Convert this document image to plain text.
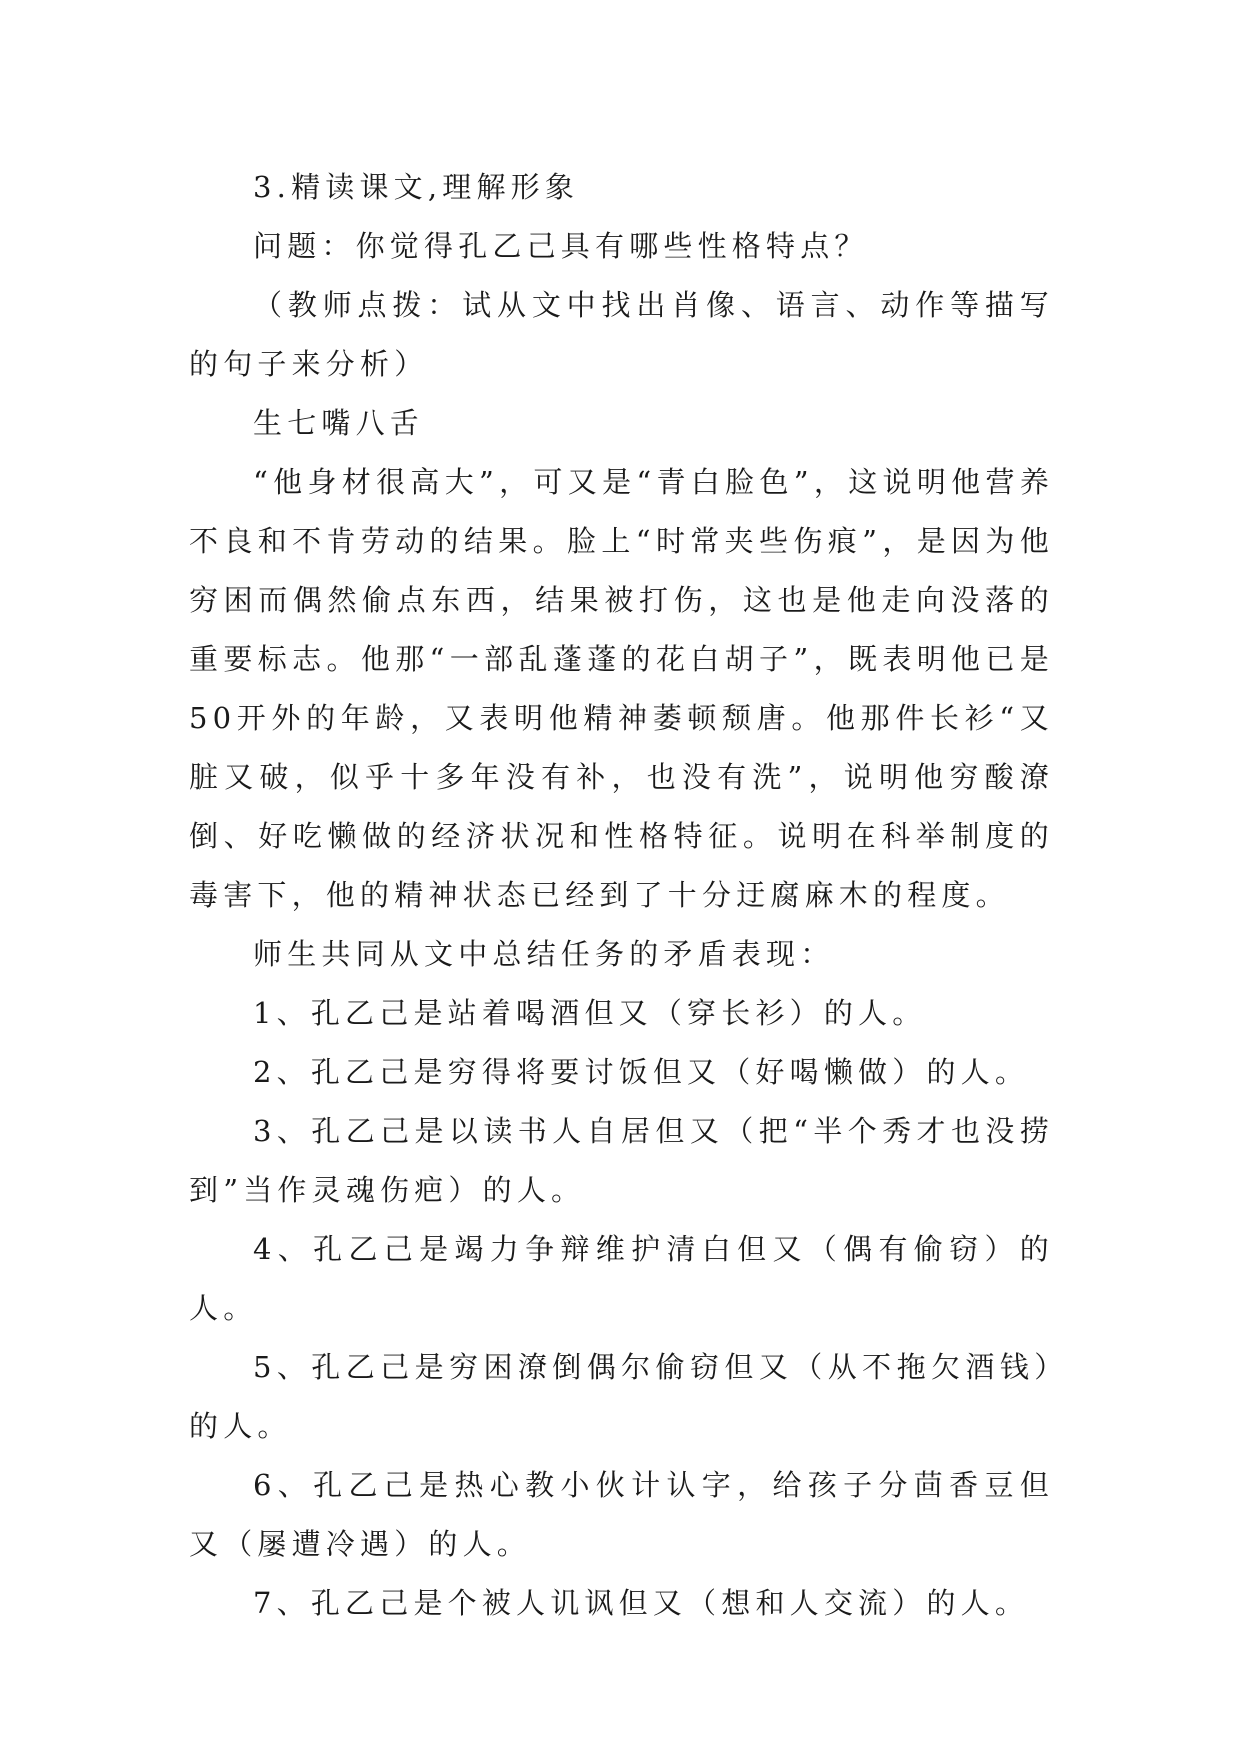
3.精读课文,理解形象

问题：你觉得孔乙己具有哪些性格特点？

（教师点拨：试从文中找出肖像、语言、动作等描写的句子来分析）

生七嘴八舌

“他身材很高大”，可又是“青白脸色”，这说明他营养不良和不肯劳动的结果。脸上“时常夹些伤痕”，是因为他穷困而偶然偷点东西，结果被打伤，这也是他走向没落的重要标志。他那“一部乱蓬蓬的花白胡子”，既表明他已是50开外的年龄，又表明他精神萎顿颓唐。他那件长衫“又脏又破，似乎十多年没有补，也没有洗”，说明他穷酸潦倒、好吃懒做的经济状况和性格特征。说明在科举制度的毒害下，他的精神状态已经到了十分迂腐麻木的程度。

师生共同从文中总结任务的矛盾表现：

1、孔乙己是站着喝酒但又（穿长衫）的人。

2、孔乙己是穷得将要讨饭但又（好喝懒做）的人。

3、孔乙己是以读书人自居但又（把“半个秀才也没捞到”当作灵魂伤疤）的人。

4、孔乙己是竭力争辩维护清白但又（偶有偷窃）的人。

5、孔乙己是穷困潦倒偶尔偷窃但又（从不拖欠酒钱）的人。

6、孔乙己是热心教小伙计认字，给孩子分茴香豆但又（屡遭冷遇）的人。

7、孔乙己是个被人讥讽但又（想和人交流）的人。
